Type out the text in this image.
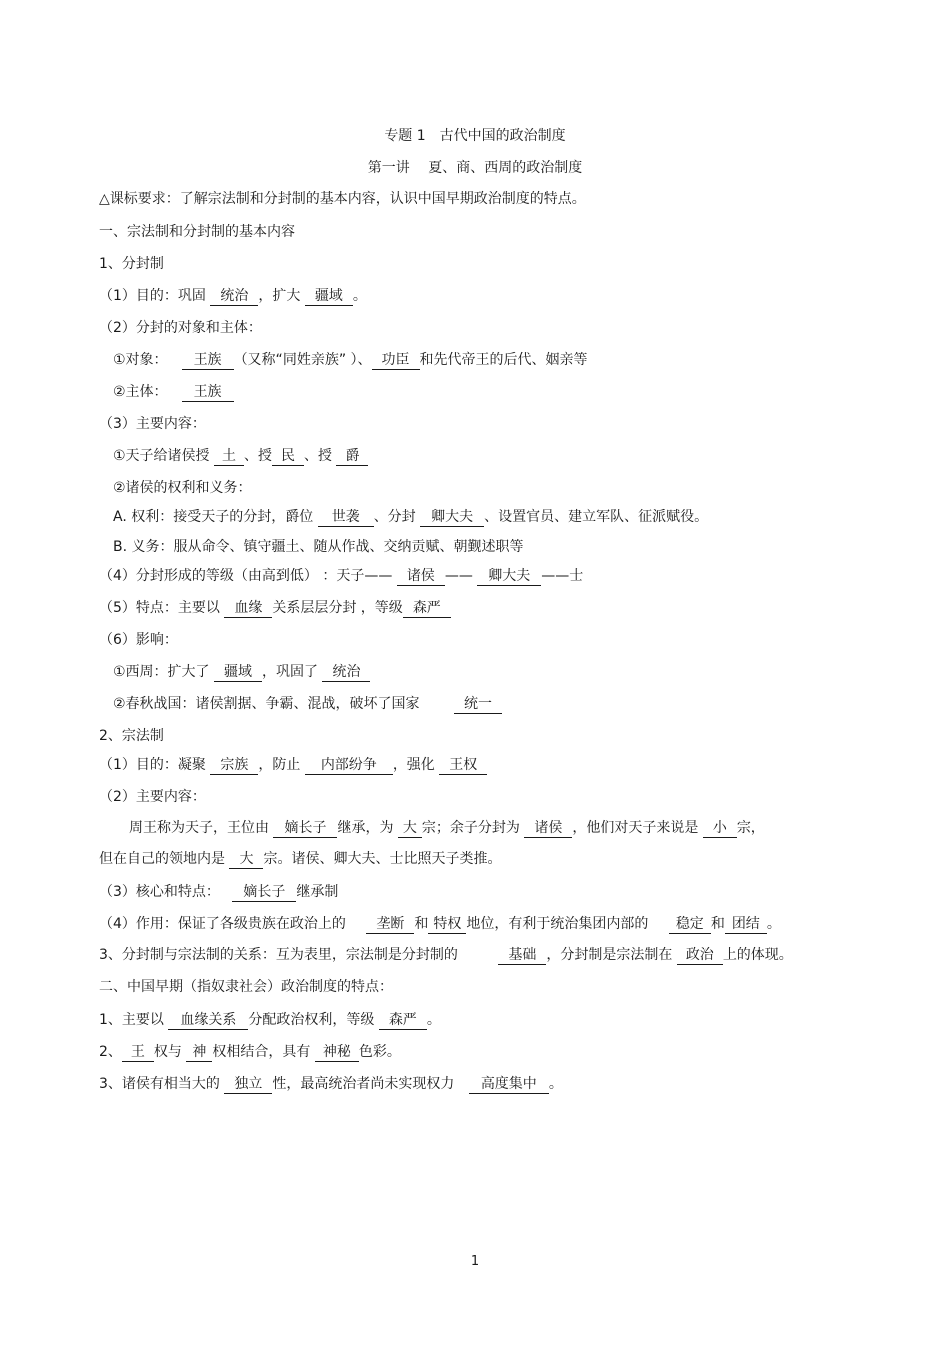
专题 1　古代中国的政治制度
第一讲　 夏、商、西周的政治制度
△课标要求：了解宗法制和分封制的基本内容，认识中国早期政治制度的特点。
一、宗法制和分封制的基本内容
1、分封制
（1）目的：巩固 统治 ，扩大 疆域 。
（2）分封的对象和主体：
①对象： 王族 （又称“同姓亲族” ）、 功臣 和先代帝王的后代、姻亲等
②主体： 王族
（3）主要内容：
①天子给诸侯授 土 、授 民 、授 爵
②诸侯的权利和义务：
A. 权利：接受天子的分封，爵位 世袭 、分封 卿大夫 、设置官员、建立军队、征派赋役。
B. 义务：服从命令、镇守疆土、随从作战、交纳贡赋、朝觐述职等
（4）分封形成的等级（由高到低） ：天子—— 诸侯 —— 卿大夫 ——士
（5）特点：主要以 血缘 关系层层分封 ，等级 森严
（6）影响：
①西周：扩大了 疆域 ，巩固了 统治
②春秋战国：诸侯割据、争霸、混战，破坏了国家	统一
2、宗法制
（1）目的：凝聚 宗族 ，防止 内部纷争 ，强化 王权
（2）主要内容：
周王称为天子，王位由 嫡长子 继承，为 大 宗；余子分封为 诸侯 ，他们对天子来说是 小 宗，
但在自己的领地内是 大 宗。诸侯、卿大夫、士比照天子类推。
（3）核心和特点： 嫡长子 继承制
（4）作用：保证了各级贵族在政治上的 垄断 和 特权 地位，有利于统治集团内部的 稳定 和 团结 。
3、分封制与宗法制的关系：互为表里，宗法制是分封制的	基础 ，分封制是宗法制在 政治 上的体现。
二、中国早期（指奴隶社会）政治制度的特点：
1、主要以 血缘关系 分配政治权利，等级 森严 。
2、 王 权与 神 权相结合，具有 神秘 色彩。
3、诸侯有相当大的 独立 性，最高统治者尚未实现权力 高度集中 。
1
